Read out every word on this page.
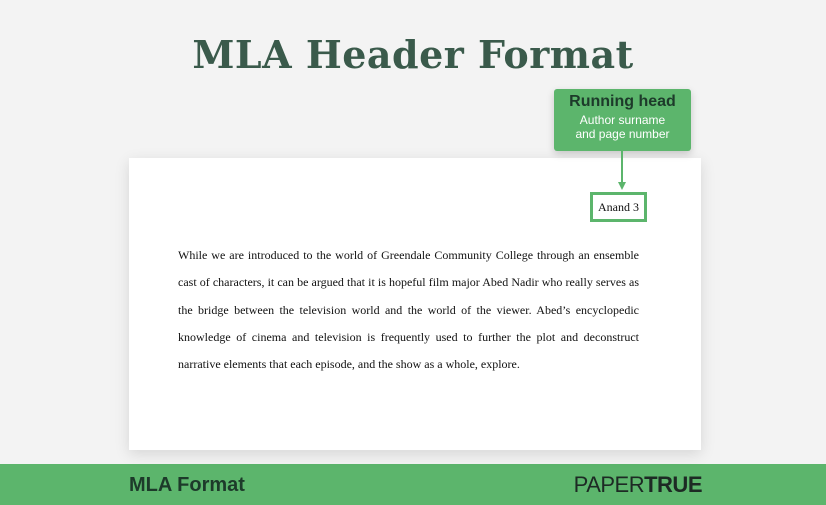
MLA Header Format
Running head
Author surname
and page number
Anand 3
While we are introduced to the world of Greendale Community College through an ensemble cast of characters, it can be argued that it is hopeful film major Abed Nadir who really serves as the bridge between the television world and the world of the viewer. Abed’s encyclopedic knowledge of cinema and television is frequently used to further the plot and deconstruct narrative elements that each episode, and the show as a whole, explore.
MLA Format	PAPERTRUE
